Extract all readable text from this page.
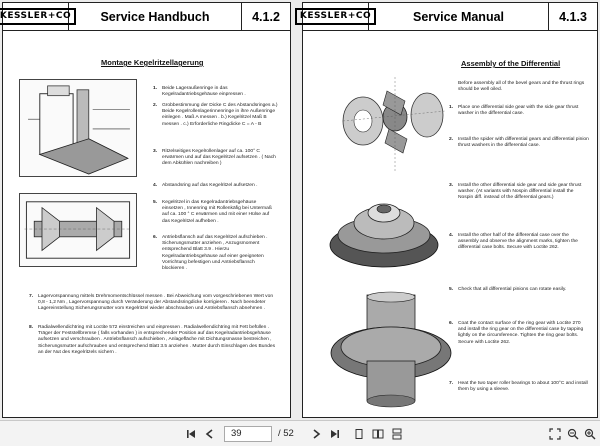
KESSLER+CO	Service Handbuch	4.1.2
Montage Kegelritzellagerung
1.	Beide Lageraußenringe in das Kegelradantriebsgehäuse einpressen .
2.	Grobbestimmung der Dicke C des Abstandsringes a.) Beide Kegelrollenlagerinnenringe in ihre Außenringe einlegen . Maß A messen . b.) Kegelritzel Maß B messen . c.) Erforderliche Ringdicke C = A - B
3.	Ritzelseitiges Kegelrollenlager auf ca. 100° C erwärmen und auf das Kegelritzel aufsetzen . ( Nach dem Abkühlen nachreiben )
4.	Abstandsring auf das Kegelritzel aufsetzen .
5.	Kegelritzel in das Kegelradantriebsgehäuse einsetzen , Innenring mit Rollenkäfig bei Untermaß auf ca. 100 ° C erwärmen und mit einer Hülse auf das Kegelritzel aufheben .
6.	Antriebsflansch auf das Kegelritzel aufschieben . Sicherungsmutter anziehen , Anzugsmoment entsprechend Blatt 3.9 . Hierzu Kegelradantriebsgehäuse auf einer geeigneten Vorrichtung befestigen und Antriebsflansch blockieren .
7.	Lagervorspannung mittels Drehmomentschlüssel messen . Bei Abweichung vom vorgeschriebenen Wert von 0,8 - 1,2 Nm , Lagervorspannung durch Veränderung der Abstandsringdicke korrigieren . Nach beendeter Lagereinstellung Sicherungsmutter vom Kegelritzel wieder abschrauben und Antriebsflansch abnehmen .
8.	Radialwellendichtring mit Loctite 572 einstreichen und einpressen . Radialwellendichtring mit Fett befüllen . Träger der Feststellbremse ( falls vorhanden ) in entsprechender Position auf das Kegelradantriebsgehäuse aufsetzen und verschrauben . Antriebsflansch aufschieben , Anlagefläche mit Dichtungsmasse bestreichen , Sicherungsmutter aufschrauben und entsprechend Blatt 3.5 anziehen . Mutter durch Einschlagen des Bundes an der Nut des Kegelritzels sichern .
KESSLER+CO	Service Manual	4.1.3
Assembly of the Differential
Before assembly all of the bevel gears and the thrust rings should be well oiled.
1.	Place one differential side gear with the side gear thrust washer in the differential case.
2.	Install the spider with differential gears and differential pinion thrust washers in the differential case.
3.	Install the other differential side gear and side gear thrust washer. (At variants with Nospin differential install the Nospin diff. instead of the differential gears.)
4.	Install the other half of the differential case over the assembly and observe the alignment marks, tighten the differential case bolts. Secure with Loctite 262.
5.	Check that all differential pinions can rotate easily.
6.	Coat the contact surface of the ring gear with Loctite 270 and install the ring gear on the differential case by tapping lightly on the circumference. Tighten the ring gear bolts. Secure with Loctite 262.
7.	Heat the two taper roller bearings to about 100°C and install them by using a sleeve.
39	/ 52
